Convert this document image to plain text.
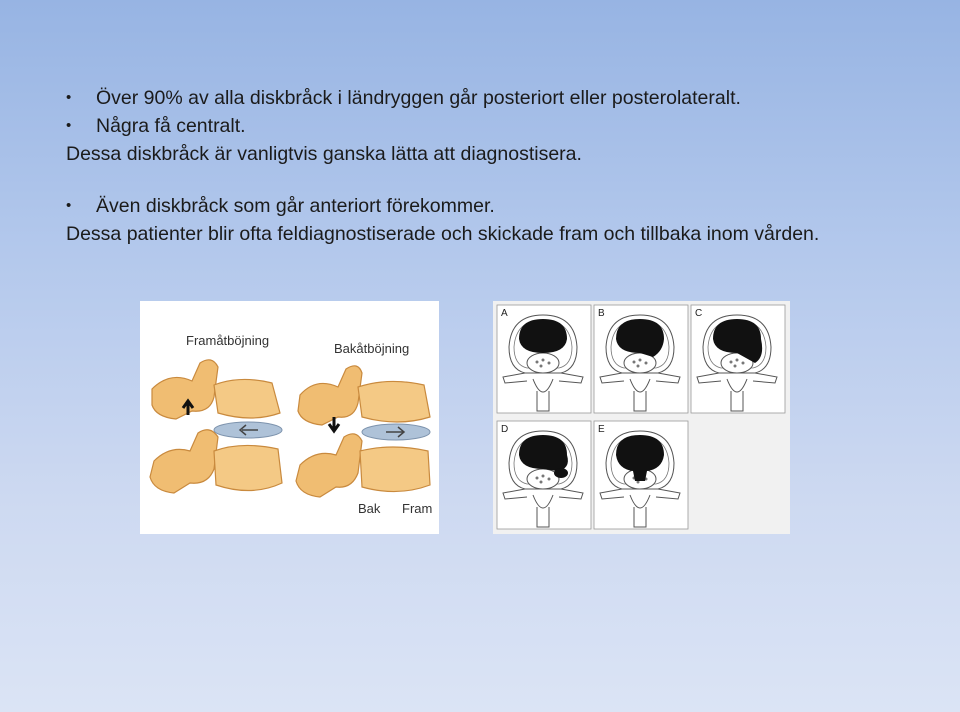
• Över 90% av alla diskbråck i ländryggen går posteriort eller posterolateralt.
• Några få centralt.
Dessa diskbråck är vanligtvis ganska lätta att diagnostisera.
• Även diskbråck som går anteriort förekommer.
Dessa patienter blir ofta feldiagnostiserade och skickade fram och tillbaka inom vården.
Framåtböjning
Bakåtböjning
Bak Fram
A	B	C
D	E
